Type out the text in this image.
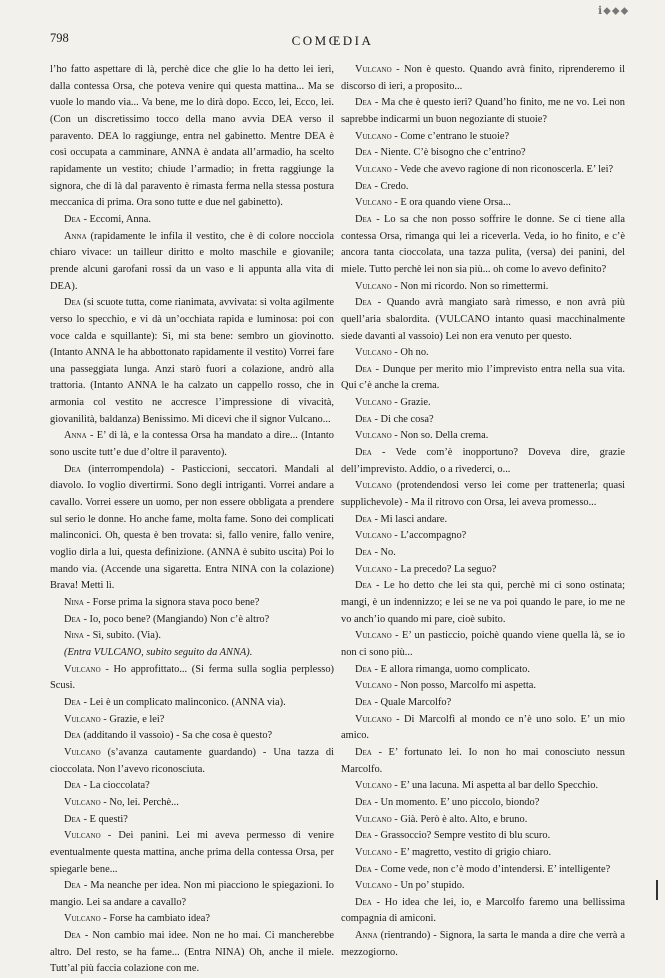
ℹ⬥⬥⬥
798	COMŒDIA

l’ho fatto aspettare di là, perchè dice che glie lo ha detto lei ieri, dalla contessa Orsa, che poteva venire qui questa mattina... Ma se vuole lo mando via... Va bene, me lo dirà dopo. Ecco, lei, Ecco, lei. (Con un discretissimo tocco della mano avvia DEA verso il paravento. DEA lo raggiunge, entra nel gabinetto. Mentre DEA è così occupata a camminare, ANNA è andata all’armadio, ha scelto rapidamente un vestito; chiude l’armadio; in fretta raggiunge la signora, che di là dal paravento è rimasta ferma nella stessa postura meccanica di prima. Ora sono tutte e due nel gabinetto).

Dea - Eccomi, Anna.

Anna (rapidamente le infila il vestito, che è di colore nocciola chiaro vivace: un tailleur diritto e molto maschile e giovanile; prende alcuni garofani rossi da un vaso e li appunta alla vita di DEA).

Dea (si scuote tutta, come rianimata, avvivata: si volta agilmente verso lo specchio, e vi dà un’occhiata rapida e luminosa: poi con voce calda e squillante): Sì, mi sta bene: sembro un giovinotto. (Intanto ANNA le ha abbottonato rapidamente il vestito) Vorrei fare una passeggiata lunga. Anzi starò fuori a colazione, andrò alla trattoria. (Intanto ANNA le ha calzato un cappello rosso, che in armonia col vestito ne accresce l’impressione di vivacità, giovanilità, baldanza) Benissimo. Mi dicevi che il signor Vulcano...

Anna - E’ di là, e la contessa Orsa ha mandato a dire... (Intanto sono uscite tutt’e due d’oltre il paravento).

Dea (interrompendola) - Pasticcioni, seccatori. Mandali al diavolo. Io voglio divertirmi. Sono degli intriganti. Vorrei andare a cavallo. Vorrei essere un uomo, per non essere obbligata a prendere sul serio le donne. Ho anche fame, molta fame. Sono dei complicati malinconici. Oh, questa è ben trovata: sì, fallo venire, fallo venire, voglio dirla a lui, questa definizione. (ANNA è subito uscita) Poi lo mando via. (Accende una sigaretta. Entra NINA con la colazione) Brava! Metti lì.

Nina - Forse prima la signora stava poco bene?

Dea - Io, poco bene? (Mangiando) Non c’è altro?

Nina - Sì, subito. (Via).

(Entra VULCANO, subito seguito da ANNA).

Vulcano - Ho approfittato... (Si ferma sulla soglia perplesso) Scusi.

Dea - Lei è un complicato malinconico. (ANNA via).

Vulcano - Grazie, e lei?

Dea (additando il vassoio) - Sa che cosa è questo?

Vulcano (s’avanza cautamente guardando) - Una tazza di cioccolata. Non l’avevo riconosciuta.

Dea - La cioccolata?

Vulcano - No, lei. Perchè...

Dea - E questi?

Vulcano - Dei panini. Lei mi aveva permesso di venire eventualmente questa mattina, anche prima della contessa Orsa, per spiegarle bene...

Dea - Ma neanche per idea. Non mi piacciono le spiegazioni. Io mangio. Lei sa andare a cavallo?

Vulcano - Forse ha cambiato idea?

Dea - Non cambio mai idee. Non ne ho mai. Ci mancherebbe altro. Del resto, se ha fame... (Entra NINA) Oh, anche il miele. Tutt’al più faccia colazione con me.

Vulcano - Non è questo. Quando avrà finito, riprenderemo il discorso di ieri, a proposito...

Dea - Ma che è questo ieri? Quand’ho finito, me ne vo. Lei non saprebbe indicarmi un buon negoziante di stuoie?

Vulcano - Come c’entrano le stuoie?

Dea - Niente. C’è bisogno che c’entrino?

Vulcano - Vede che avevo ragione di non riconoscerla. E’ lei?

Dea - Credo.

Vulcano - E ora quando viene Orsa...

Dea - Lo sa che non posso soffrire le donne. Se ci tiene alla contessa Orsa, rimanga qui lei a riceverla. Veda, io ho finito, e c’è ancora tanta cioccolata, una tazza pulita, (versa) dei panini, del miele. Tutto perchè lei non sia più... oh come lo avevo definito?

Vulcano - Non mi ricordo. Non so rimettermi.

Dea - Quando avrà mangiato sarà rimesso, e non avrà più quell’aria sbalordita. (VULCANO intanto quasi macchinalmente siede davanti al vassoio) Lei non era venuto per questo.

Vulcano - Oh no.

Dea - Dunque per merito mio l’imprevisto entra nella sua vita. Qui c’è anche la crema.

Vulcano - Grazie.

Dea - Di che cosa?

Vulcano - Non so. Della crema.

Dea - Vede com’è inopportuno? Doveva dire, grazie dell’imprevisto. Addio, o a rivederci, o...

Vulcano (protendendosi verso lei come per trattenerla; quasi supplichevole) - Ma il ritrovo con Orsa, lei aveva promesso...

Dea - Mi lasci andare.

Vulcano - L’accompagno?

Dea - No.

Vulcano - La precedo? La seguo?

Dea - Le ho detto che lei sta qui, perchè mi ci sono ostinata; mangi, è un indennizzo; e lei se ne va poi quando le pare, io me ne vo anch’io quando mi pare, cioè subito.

Vulcano - E’ un pasticcio, poichè quando viene quella là, se io non ci sono più...

Dea - E allora rimanga, uomo complicato.

Vulcano - Non posso, Marcolfo mi aspetta.

Dea - Quale Marcolfo?

Vulcano - Di Marcolfi al mondo ce n’è uno solo. E’ un mio amico.

Dea - E’ fortunato lei. Io non ho mai conosciuto nessun Marcolfo.

Vulcano - E’ una lacuna. Mi aspetta al bar dello Specchio.

Dea - Un momento. E’ uno piccolo, biondo?

Vulcano - Già. Però è alto. Alto, e bruno.

Dea - Grassoccio? Sempre vestito di blu scuro.

Vulcano - E’ magretto, vestito di grigio chiaro.

Dea - Come vede, non c’è modo d’intendersi. E’ intelligente?

Vulcano - Un po’ stupido.

Dea - Ho idea che lei, io, e Marcolfo faremo una bellissima compagnia di amiconi.

Anna (rientrando) - Signora, la sarta le manda a dire che verrà a mezzogiorno.
